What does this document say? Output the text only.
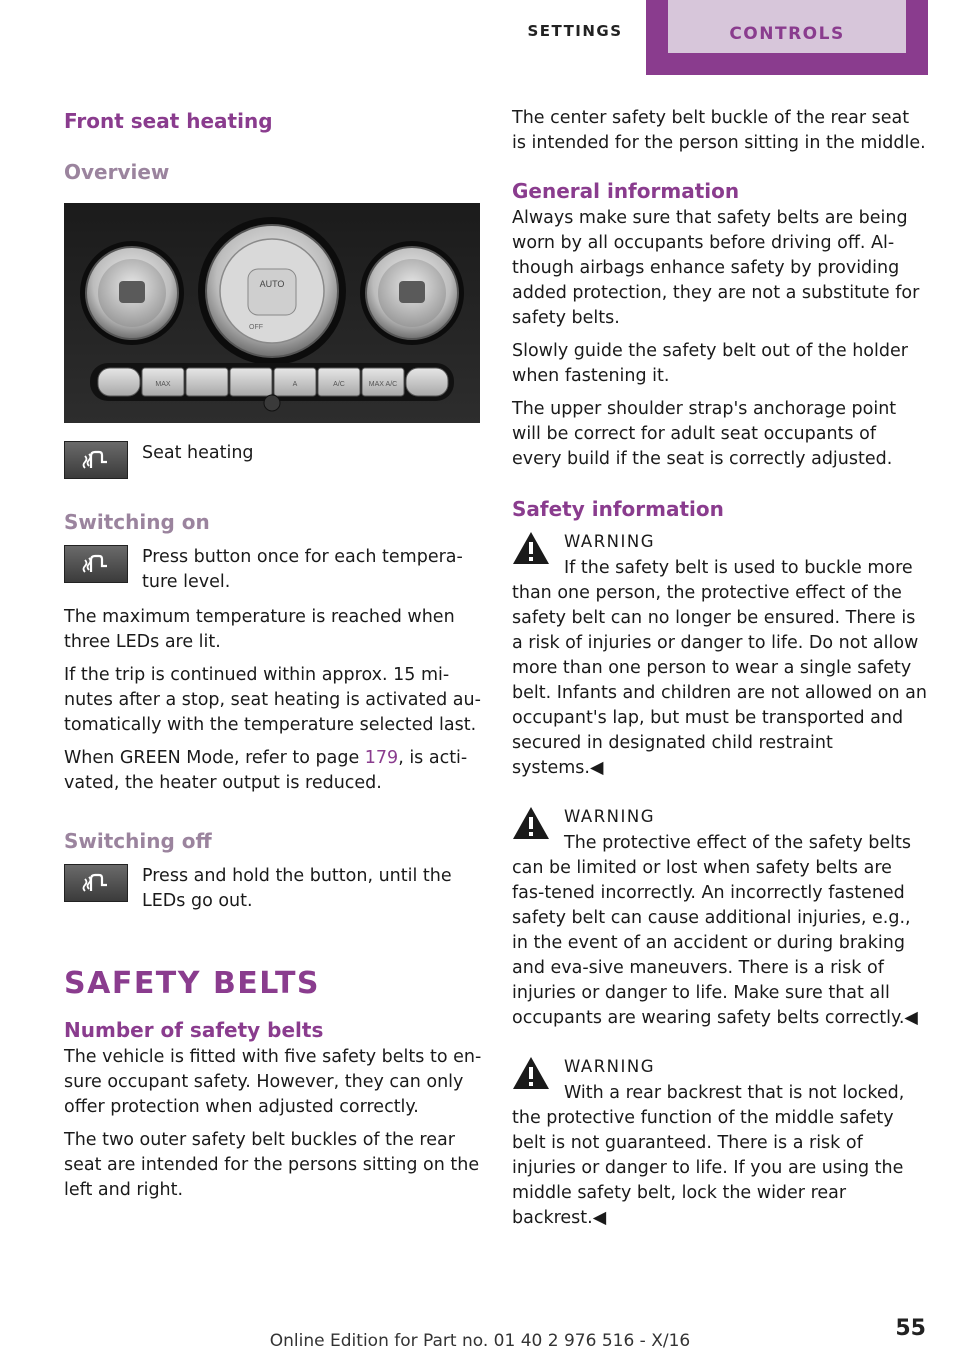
SETTINGS	CONTROLS
Front seat heating
Overview
AUTO
OFF
MAX	A	A/C	MAX A/C
Seat heating
Switching on
Press button once for each tempera-ture level.

The maximum temperature is reached when three LEDs are lit.

If the trip is continued within approx. 15 mi-nutes after a stop, seat heating is activated au-tomatically with the temperature selected last.

When GREEN Mode, refer to page 179, is acti-vated, the heater output is reduced.

Switching off
Press and hold the button, until the LEDs go out.
SAFETY BELTS
Number of safety belts

The vehicle is fitted with five safety belts to en-sure occupant safety. However, they can only offer protection when adjusted correctly.

The two outer safety belt buckles of the rear seat are intended for the persons sitting on the left and right.

The center safety belt buckle of the rear seat is intended for the person sitting in the middle.

General information

Always make sure that safety belts are being worn by all occupants before driving off. Al-though airbags enhance safety by providing added protection, they are not a substitute for safety belts.

Slowly guide the safety belt out of the holder when fastening it.

The upper shoulder strap's anchorage point will be correct for adult seat occupants of every build if the seat is correctly adjusted.

Safety information
WARNING

If the safety belt is used to buckle more than one person, the protective effect of the safety belt can no longer be ensured. There is a risk of injuries or danger to life. Do not allow more than one person to wear a single safety belt. Infants and children are not allowed on an occupant's lap, but must be transported and secured in designated child restraint systems.◀

WARNING

The protective effect of the safety belts can be limited or lost when safety belts are fas-tened incorrectly. An incorrectly fastened safety belt can cause additional injuries, e.g., in the event of an accident or during braking and eva-sive maneuvers. There is a risk of injuries or danger to life. Make sure that all occupants are wearing safety belts correctly.◀

WARNING

With a rear backrest that is not locked, the protective function of the middle safety belt is not guaranteed. There is a risk of injuries or danger to life. If you are using the middle safety belt, lock the wider rear backrest.◀

55
Online Edition for Part no. 01 40 2 976 516 - X/16
